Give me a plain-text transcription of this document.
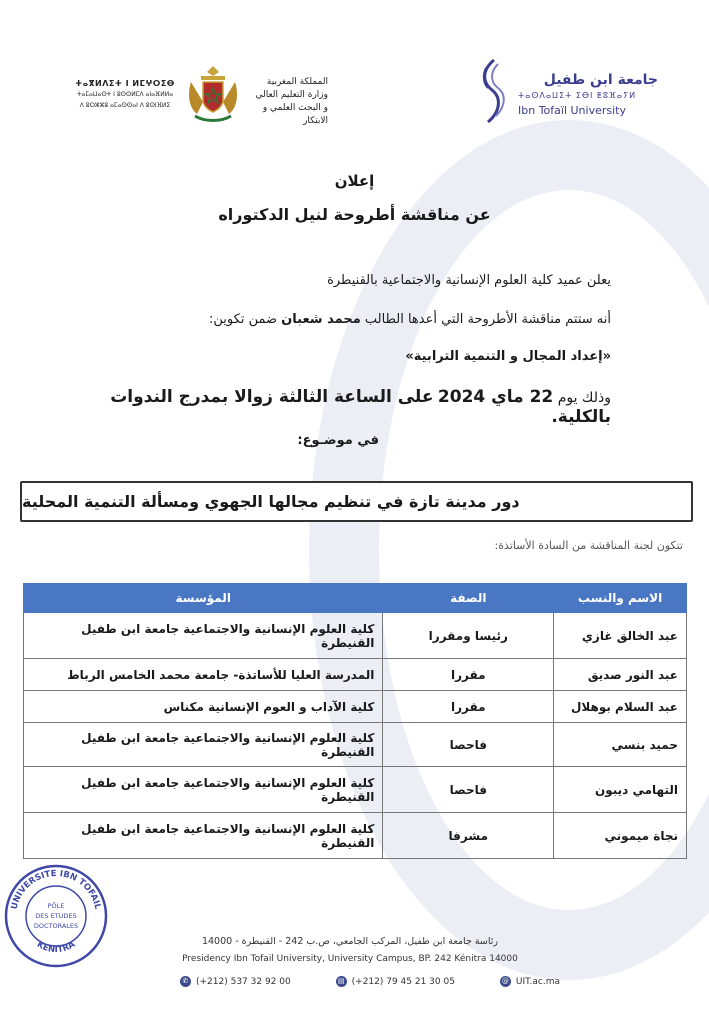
ⵜⴰⴳⵍⴷⵉⵜ ⵏ ⵍⵎⵖⵔⵉⴱ
ⵜⴰⵎⴰⵡⴰⵙⵜ ⵏ ⵓⵙⵙⵍⵎⴷ ⴰⵏⴰⴼⵍⵍⴰ
ⴷ ⵓⵔⵣⵣⵓ ⴰⵎⴰⵙⵙⴰⵏ ⴷ ⵓⵙⵏⴼⵍⵉ
المملكة المغربية
وزارة التعليم العالي
و البحث العلمي و الابتكار
جامعة ابن طفيل
ⵜⴰⵙⴷⴰⵡⵉⵜ ⵉⴱⵏ ⵟⵓⴼⴰⵢⵍ
Ibn Tofaïl University
إعلان
عن مناقشة أطروحة لنيل الدكتوراه
يعلن عميد كلية العلوم الإنسانية والاجتماعية بالقنيطرة
أنه ستتم مناقشة الأطروحة التي أعدها الطالب محمد شعبان ضمن تكوين:
«إعداد المجال و التنمية الترابية»
وذلك يوم 22 ماي 2024 على الساعة الثالثة زوالا بمدرج الندوات بالكلية.
في موضـوع:
دور مدينة تازة في تنظيم مجالها الجهوي ومسألة التنمية المحلية
تتكون لجنة المناقشة من السادة الأساتذة:
الاسم والنسب	الصفة	المؤسسة
عبد الخالق غازي	رئيسا ومقررا	كلية العلوم الإنسانية والاجتماعية جامعة ابن طفيل القنيطرة
عبد النور صديق	مقررا	المدرسة العليا للأساتذة- جامعة محمد الخامس الرباط
عبد السلام بوهلال	مقررا	كلية الآداب و العوم الإنسانية مكناس
حميد بنسي	فاحصا	كلية العلوم الإنسانية والاجتماعية جامعة ابن طفيل القنيطرة
التهامي ديبون	فاحصا	كلية العلوم الإنسانية والاجتماعية جامعة ابن طفيل القنيطرة
نجاة ميموني	مشرفا	كلية العلوم الإنسانية والاجتماعية جامعة ابن طفيل القنيطرة
UNIVERSITE IBN TOFAIL
KENITRA
PÔLE
DES ETUDES
DOCTORALES
رئاسة جامعة ابن طفيل، المركب الجامعي، ص.ب 242 - القنيطرة - 14000
Presidency Ibn Tofail University, University Campus, BP. 242 Kénitra 14000
✆ (+212) 537 32 92 00	▤ (+212) 79 45 21 30 05	@ UIT.ac.ma
